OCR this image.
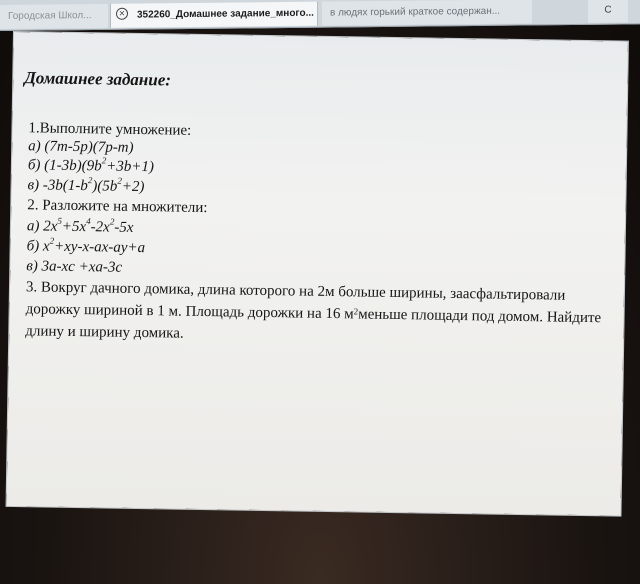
Городская Школ...	352260_Домашнее задание_много...
×	в людях горький краткое содержан...	С
Домашнее задание:
1.Выполните умножение:
а) (7m-5p)(7p-m)
б) $(1-3b)(9b^2+3b+1)$
в) $-3b(1-b^2)(5b^2+2)$
2. Разложите на множители:
а) $2x^5+5x^4-2x^2-5x$
б) $x^2+xy-x-ax-ay+a$
в) 3a-xc +xa-3c
3. Вокруг дачного домика, длина которого на 2м больше ширины, заасфальтировали дорожку шириной в 1 м. Площадь дорожки на 16 $м^2меньше$ площади под домом. Найдите длину и ширину домика.
